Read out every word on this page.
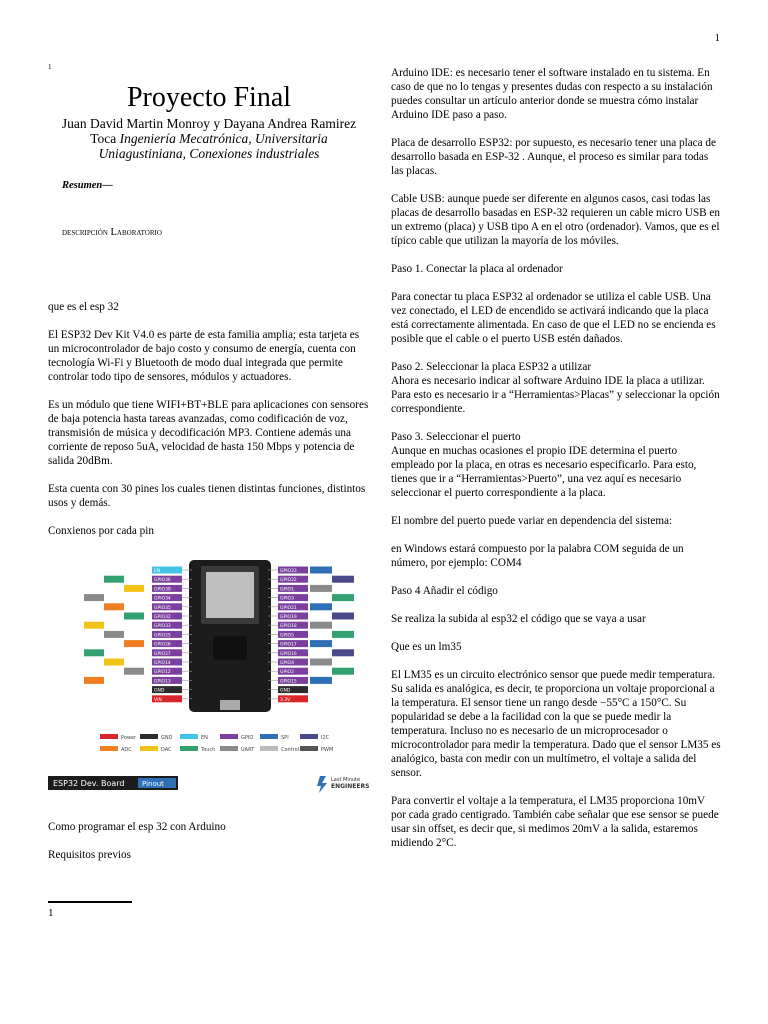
1
1
Proyecto Final
Juan David Martin Monroy y Dayana Andrea Ramirez Toca Ingeniería Mecatrónica, Universitaria Uniagustiniana, Conexiones industriales
Resumen—
descripción Laboratorio

que es el esp 32

El ESP32 Dev Kit V4.0 es parte de esta familia amplia; esta tarjeta es un microcontrolador de bajo costo y consumo de energía, cuenta con tecnología Wi-Fi y Bluetooth de modo dual integrada que permite controlar todo tipo de sensores, módulos y actuadores.

Es un módulo que tiene WIFI+BT+BLE para aplicaciones con sensores de baja potencia hasta tareas avanzadas, como codificación de voz, transmisión de música y decodificación MP3. Contiene además una corriente de reposo 5uA, velocidad de hasta 150 Mbps y potencia de salida 20dBm.

Esta cuenta con 30 pines los cuales tienen distintas funciones, distintos usos y demás.

Conxienos por cada pin

EN
GPIO36
GPIO39
GPIO34
GPIO35
GPIO32
GPIO33
GPIO25
GPIO26
GPIO27
GPIO14
GPIO12
GPIO13
GND
VIN
GPIO23
GPIO22
GPIO1
GPIO3
GPIO21
GPIO19
GPIO18
GPIO5
GPIO17
GPIO16
GPIO4
GPIO2
GPIO15
GND
3.3V
Power	GND	EN	GPIO	SPI	I2C
ADC	DAC	Touch	UART	Control	PWM
ESP32 Dev. Board	Pinout	Last Minute
ENGINEERS

Como programar el esp 32 con Arduino

Requisitos previos

Arduino IDE: es necesario tener el software instalado en tu sistema. En caso de que no lo tengas y presentes dudas con respecto a su instalación puedes consultar un artículo anterior donde se muestra cómo instalar Arduino IDE paso a paso.

Placa de desarrollo ESP32: por supuesto, es necesario tener una placa de desarrollo basada en ESP-32 . Aunque, el proceso es similar para todas las placas.

Cable USB: aunque puede ser diferente en algunos casos, casi todas las placas de desarrollo basadas en ESP-32 requieren un cable micro USB en un extremo (placa) y USB tipo A en el otro (ordenador). Vamos, que es el típico cable que utilizan la mayoría de los móviles.

Paso 1. Conectar la placa al ordenador

Para conectar tu placa ESP32 al ordenador se utiliza el cable USB. Una vez conectado, el LED de encendido se activará indicando que la placa está correctamente alimentada. En caso de que el LED no se encienda es posible que el cable o el puerto USB estén dañados.

Paso 2. Seleccionar la placa ESP32 a utilizar
Ahora es necesario indicar al software Arduino IDE la placa a utilizar. Para esto es necesario ir a “Herramientas>Placas” y seleccionar la opción correspondiente.

Paso 3. Seleccionar el puerto
Aunque en muchas ocasiones el propio IDE determina el puerto empleado por la placa, en otras es necesario especificarlo. Para esto, tienes que ir a “Herramientas>Puerto”, una vez aquí es necesario seleccionar el puerto correspondiente a la placa.

El nombre del puerto puede variar en dependencia del sistema:

en Windows estará compuesto por la palabra COM seguida de un número, por ejemplo: COM4

Paso 4 Añadir el código

Se realiza la subida al esp32 el código que se vaya a usar

Que es un lm35

El LM35 es un circuito electrónico sensor que puede medir temperatura. Su salida es analógica, es decir, te proporciona un voltaje proporcional a la temperatura. El sensor tiene un rango desde −55°C a 150°C. Su popularidad se debe a la facilidad con la que se puede medir la temperatura. Incluso no es necesario de un microprocesador o microcontrolador para medir la temperatura. Dado que el sensor LM35 es analógico, basta con medir con un multímetro, el voltaje a salida del sensor.

Para convertir el voltaje a la temperatura, el LM35 proporciona 10mV por cada grado centigrado. También cabe señalar que ese sensor se puede usar sin offset, es decir que, si medimos 20mV a la salida, estaremos midiendo 2°C.

1
